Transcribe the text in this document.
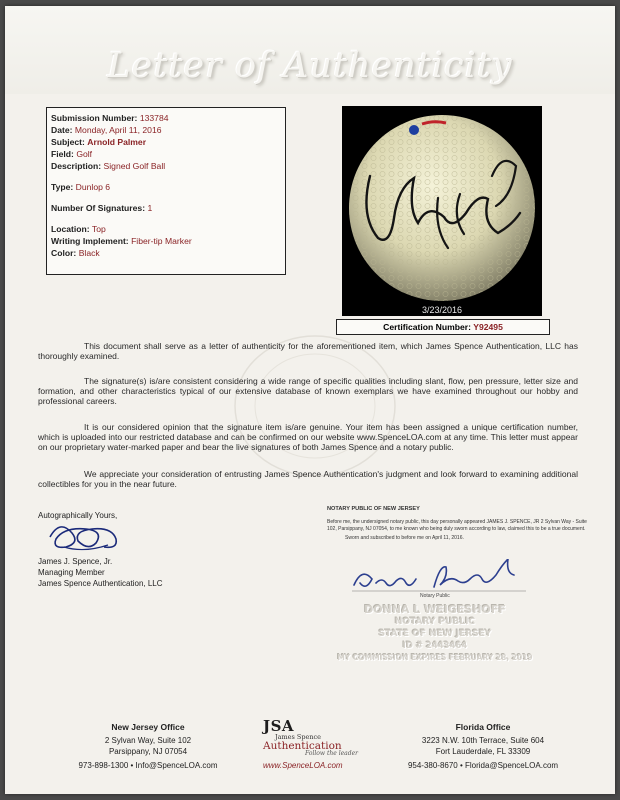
Letter of Authenticity
Submission Number: 133784
Date: Monday, April 11, 2016
Subject: Arnold Palmer
Field: Golf
Description: Signed Golf Ball
Type: Dunlop 6
Number Of Signatures: 1
Location: Top
Writing Implement: Fiber-tip Marker
Color: Black
3/23/2016
Certification Number: Y92495

This document shall serve as a letter of authenticity for the aforementioned item, which James Spence Authentication, LLC has thoroughly examined.

The signature(s) is/are consistent considering a wide range of specific qualities including slant, flow, pen pressure, letter size and formation, and other characteristics typical of our extensive database of known exemplars we have examined throughout our hobby and professional careers.

It is our considered opinion that the signature item is/are genuine. Your item has been assigned a unique certification number, which is uploaded into our restricted database and can be confirmed on our website www.SpenceLOA.com at any time. This letter must appear on our proprietary water-marked paper and bear the live signatures of both James Spence and a notary public.

We appreciate your consideration of entrusting James Spence Authentication's judgment and look forward to examining additional collectibles for you in the near future.

Autographically Yours,
James J. Spence, Jr.
Managing Member
James Spence Authentication, LLC
NOTARY PUBLIC OF NEW JERSEY
Before me, the undersigned notary public, this day personally appeared JAMES J. SPENCE, JR 2 Sylvan Way - Suite 102, Parsippany, NJ 07054, to me known who being duly sworn according to law, claimed this to be a true document.
Sworn and subscribed to before me on April 11, 2016.
Notary Public
DONNA L WEIGESHOFF
NOTARY PUBLIC
STATE OF NEW JERSEY
ID # 2443464
MY COMMISSION EXPIRES FEBRUARY 28, 2019
New Jersey Office
2 Sylvan Way, Suite 102
Parsippany, NJ 07054
973-898-1300 • Info@SpenceLOA.com
JSA
James Spence
Authentication
Follow the leader
www.SpenceLOA.com
Florida Office
3223 N.W. 10th Terrace, Suite 604
Fort Lauderdale, FL 33309
954-380-8670 • Florida@SpenceLOA.com
